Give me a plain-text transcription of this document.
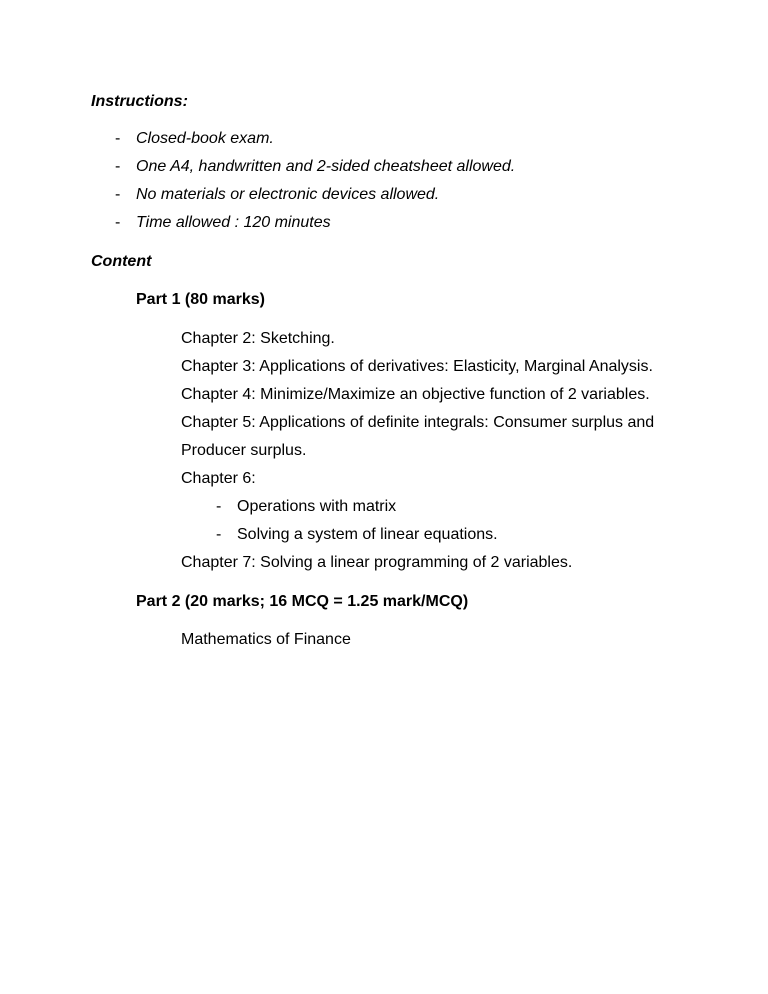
Instructions:
- Closed-book exam.
- One A4, handwritten and 2-sided cheatsheet allowed.
- No materials or electronic devices allowed.
- Time allowed : 120 minutes
Content
Part 1 (80 marks)
Chapter 2: Sketching.
Chapter 3: Applications of derivatives: Elasticity, Marginal Analysis.
Chapter 4: Minimize/Maximize an objective function of 2 variables.
Chapter 5: Applications of definite integrals: Consumer surplus and
Producer surplus.
Chapter 6:
- Operations with matrix
- Solving a system of linear equations.
Chapter 7: Solving a linear programming of 2 variables.
Part 2 (20 marks; 16 MCQ = 1.25 mark/MCQ)
Mathematics of Finance
